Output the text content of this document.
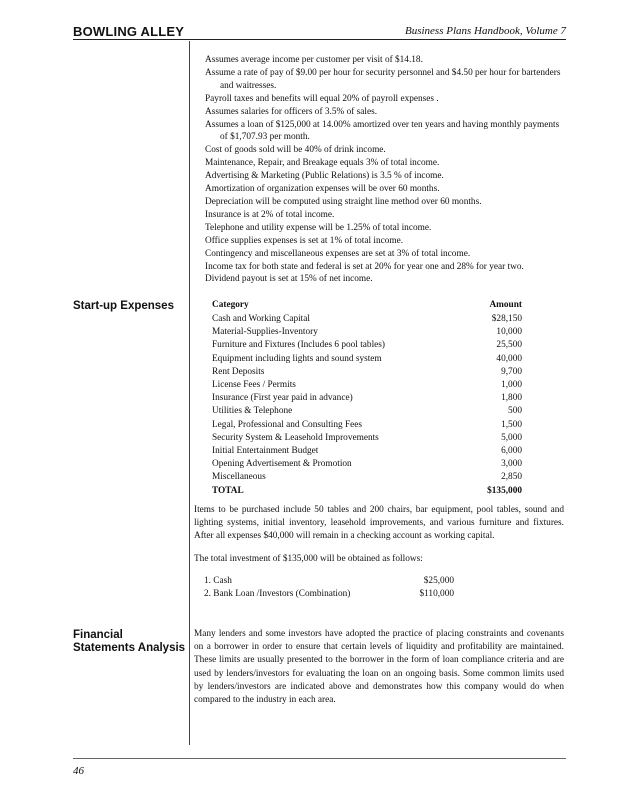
BOWLING ALLEY	Business Plans Handbook, Volume 7
Assumes average income per customer per visit of $14.18.
Assume a rate of pay of $9.00 per hour for security personnel and $4.50 per hour for bartenders and waitresses.
Payroll taxes and benefits will equal 20% of payroll expenses .
Assumes salaries for officers of 3.5% of sales.
Assumes a loan of $125,000 at 14.00% amortized over ten years and having monthly payments of $1,707.93 per month.
Cost of goods sold will be 40% of drink income.
Maintenance, Repair, and Breakage equals 3% of total income.
Advertising & Marketing (Public Relations) is 3.5 % of income.
Amortization of organization expenses will be over 60 months.
Depreciation will be computed using straight line method over 60 months.
Insurance is at 2% of total income.
Telephone and utility expense will be 1.25% of total income.
Office supplies expenses is set at 1% of total income.
Contingency and miscellaneous expenses are set at 3% of total income.
Income tax for both state and federal is set at 20% for year one and 28% for year two.
Dividend payout is set at 15% of net income.
Start-up Expenses	Category	Amount
Cash and Working Capital	$28,150
Material-Supplies-Inventory	10,000
Furniture and Fixtures (Includes 6 pool tables)	25,500
Equipment including lights and sound system	40,000
Rent Deposits	9,700
License Fees / Permits	1,000
Insurance (First year paid in advance)	1,800
Utilities & Telephone	500
Legal, Professional and Consulting Fees	1,500
Security System & Leasehold Improvements	5,000
Initial Entertainment Budget	6,000
Opening Advertisement & Promotion	3,000
Miscellaneous	2,850
TOTAL	$135,000

Items to be purchased include 50 tables and 200 chairs, bar equipment, pool tables, sound and lighting systems, initial inventory, leasehold improvements, and various furniture and fixtures. After all expenses $40,000 will remain in a checking account as working capital.

The total investment of $135,000 will be obtained as follows:

1. Cash	$25,000
2. Bank Loan /Investors (Combination)	$110,000
Financial
Statements Analysis

Many lenders and some investors have adopted the practice of placing constraints and covenants on a borrower in order to ensure that certain levels of liquidity and profitability are maintained. These limits are usually presented to the borrower in the form of loan compliance criteria and are used by lenders/investors for evaluating the loan on an ongoing basis. Some common limits used by lenders/investors are indicated above and demonstrates how this company would do when compared to the industry in each area.

46
